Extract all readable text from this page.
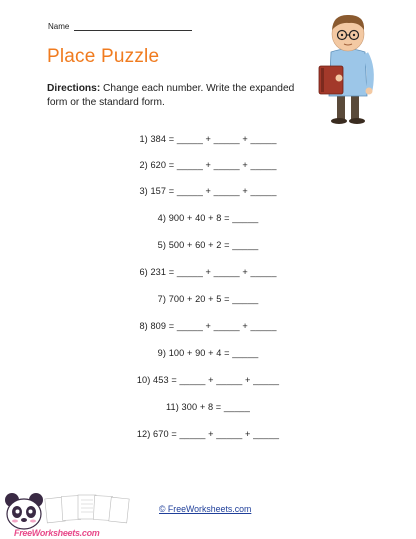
Name
Place Puzzle
Directions: Change each number. Write the expanded form or the standard form.
1) 384 = _____ + _____ + _____
2) 620 = _____ + _____ + _____
3) 157 = _____ + _____ + _____
4) 900 + 40 + 8 = _____
5) 500 + 60 + 2 = _____
6) 231 = _____ + _____ + _____
7) 700 + 20 + 5 = _____
8) 809 = _____ + _____ + _____
9) 100 + 90 + 4 = _____
10) 453 = _____ + _____ + _____
11) 300 + 8 = _____
12) 670 = _____ + _____ + _____
FreeWorksheets.com
© FreeWorksheets.com
